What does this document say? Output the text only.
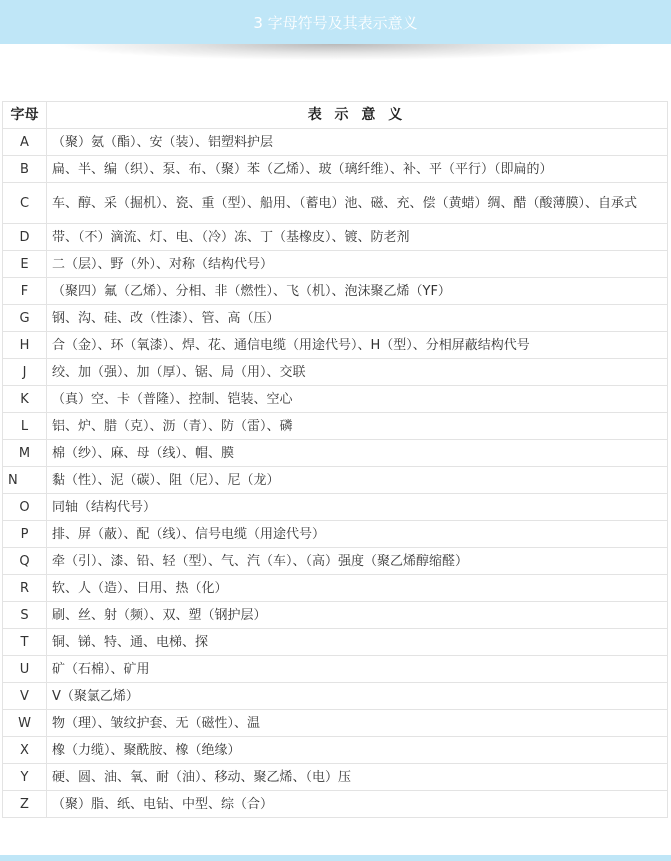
3 字母符号及其表示意义
字母	表 示 意 义
A	（聚）氨（酯）、安（装）、铝塑料护层
B	扁、半、编（织）、泵、布、（聚）苯（乙烯）、玻（璃纤维）、补、平（平行）（即扁的）
C	车、醇、采（掘机）、瓷、重（型）、船用、（蓄电）池、磁、充、偿（黄蜡）绸、醋（酸薄膜）、自承式
D	带、（不）滴流、灯、电、（冷）冻、丁（基橡皮）、镀、防老剂
E	二（层）、野（外）、对称（结构代号）
F	（聚四）氟（乙烯）、分相、非（燃性）、飞（机）、泡沫聚乙烯（YF）
G	钢、沟、硅、改（性漆）、管、高（压）
H	合（金）、环（氧漆）、焊、花、通信电缆（用途代号）、H（型）、分相屏蔽结构代号
J	绞、加（强）、加（厚）、锯、局（用）、交联
K	（真）空、卡（普隆）、控制、铠装、空心
L	铝、炉、腊（克）、沥（青）、防（雷）、磷
M	棉（纱）、麻、母（线）、帽、膜
N	黏（性）、泥（碳）、阻（尼）、尼（龙）
O	同轴（结构代号）
P	排、屏（蔽）、配（线）、信号电缆（用途代号）
Q	牵（引）、漆、铅、轻（型）、气、汽（车）、（高）强度（聚乙烯醇缩醛）
R	软、人（造）、日用、热（化）
S	刷、丝、射（频）、双、塑（钢护层）
T	铜、锑、特、通、电梯、探
U	矿（石棉）、矿用
V	V（聚氯乙烯）
W	物（理）、皱纹护套、无（磁性）、温
X	橡（力缆）、聚酰胺、橡（绝缘）
Y	硬、圆、油、氧、耐（油）、移动、聚乙烯、（电）压
Z	（聚）脂、纸、电钻、中型、综（合）
